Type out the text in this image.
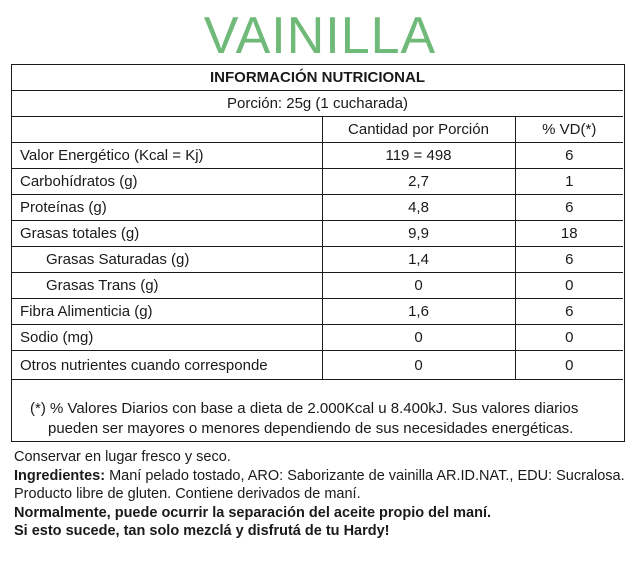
VAINILLA
INFORMACIÓN NUTRICIONAL		
Porción: 25g (1 cucharada)		
	Cantidad por Porción	% VD(*)
Valor Energético (Kcal = Kj)	119 = 498	6
Carbohídratos (g)	2,7	1
Proteínas (g)	4,8	6
Grasas totales (g)	9,9	18
Grasas Saturadas (g)	1,4	6
Grasas Trans (g)	0	0
Fibra Alimenticia (g)	1,6	6
Sodio (mg)	0	0
Otros nutrientes cuando corresponde	0	0
(*) % Valores Diarios con base a dieta de 2.000Kcal u 8.400kJ. Sus valores diarios
pueden ser mayores o menores dependiendo de sus necesidades energéticas.

Conservar en lugar fresco y seco.

Ingredientes: Maní pelado tostado, ARO: Saborizante de vainilla AR.ID.NAT., EDU: Sucralosa. Producto libre de gluten. Contiene derivados de maní.

Normalmente, puede ocurrir la separación del aceite propio del maní.

Si esto sucede, tan solo mezclá y disfrutá de tu Hardy!
